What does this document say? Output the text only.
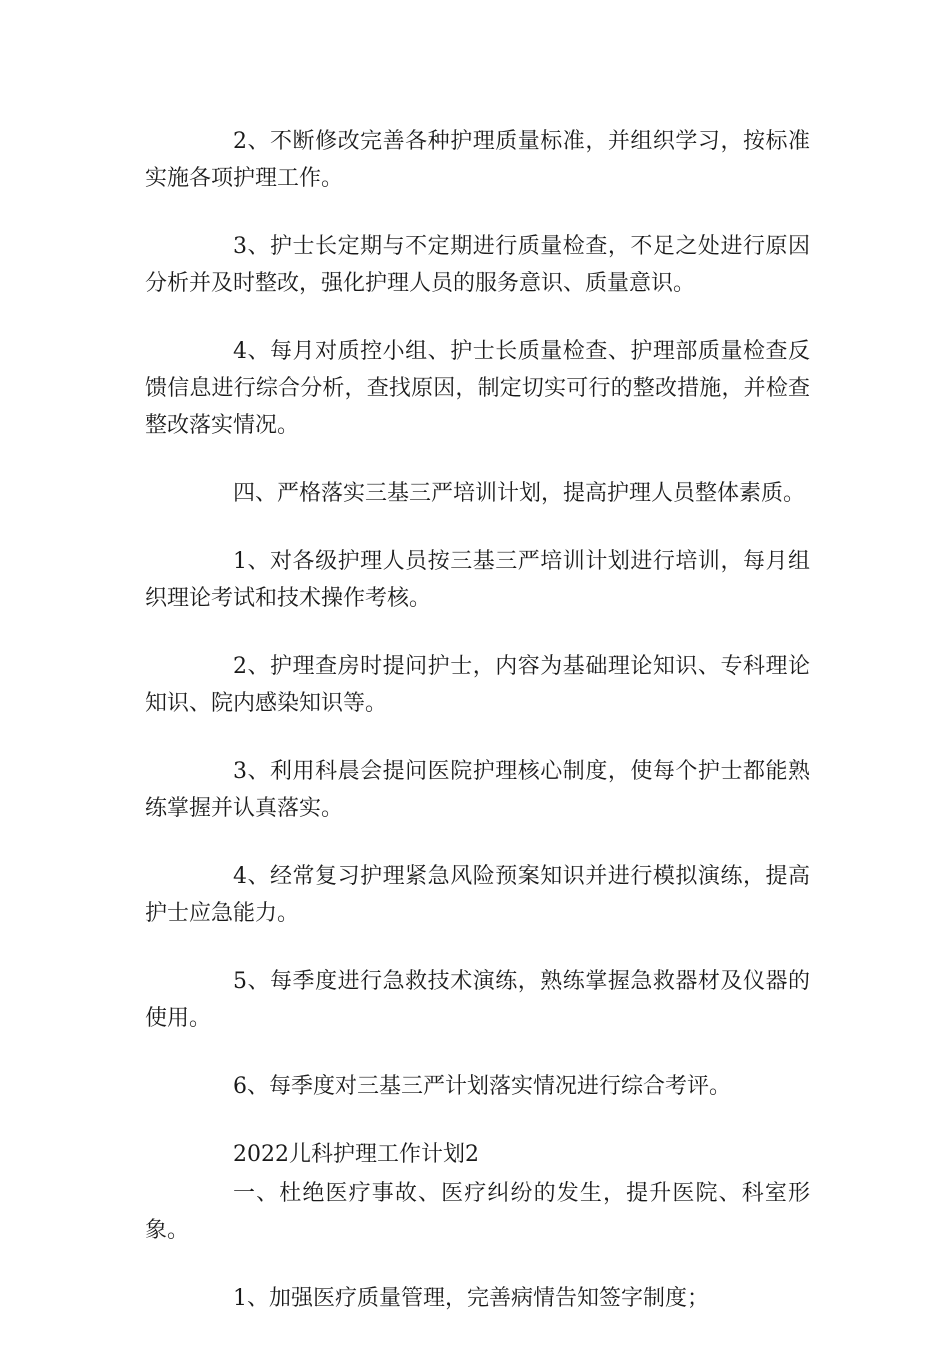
2、不断修改完善各种护理质量标准，并组织学习，按标准实施各项护理工作。

3、护士长定期与不定期进行质量检查，不足之处进行原因分析并及时整改，强化护理人员的服务意识、质量意识。

4、每月对质控小组、护士长质量检查、护理部质量检查反馈信息进行综合分析，查找原因，制定切实可行的整改措施，并检查整改落实情况。

四、严格落实三基三严培训计划，提高护理人员整体素质。

1、对各级护理人员按三基三严培训计划进行培训，每月组织理论考试和技术操作考核。

2、护理查房时提问护士，内容为基础理论知识、专科理论知识、院内感染知识等。

3、利用科晨会提问医院护理核心制度，使每个护士都能熟练掌握并认真落实。

4、经常复习护理紧急风险预案知识并进行模拟演练，提高护士应急能力。

5、每季度进行急救技术演练，熟练掌握急救器材及仪器的使用。

6、每季度对三基三严计划落实情况进行综合考评。

2022儿科护理工作计划2

一、杜绝医疗事故、医疗纠纷的发生，提升医院、科室形象。

1、加强医疗质量管理，完善病情告知签字制度；
